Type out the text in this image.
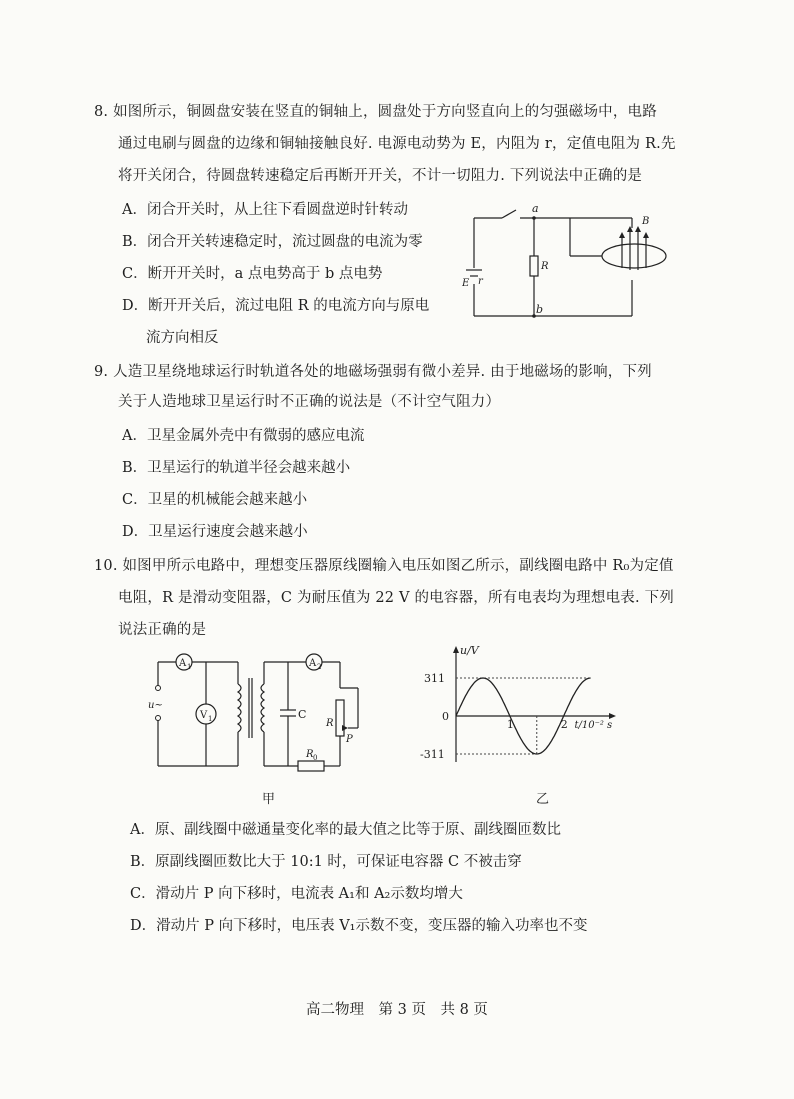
8. 如图所示，铜圆盘安装在竖直的铜轴上，圆盘处于方向竖直向上的匀强磁场中，电路
通过电刷与圆盘的边缘和铜轴接触良好. 电源电动势为 E，内阻为 r，定值电阻为 R.先
将开关闭合，待圆盘转速稳定后再断开开关，不计一切阻力. 下列说法中正确的是
A．闭合开关时，从上往下看圆盘逆时针转动
B．闭合开关转速稳定时，流过圆盘的电流为零
C．断开开关时，a 点电势高于 b 点电势
D．断开开关后，流过电阻 R 的电流方向与原电
流方向相反
a
b
R
E r
B
9. 人造卫星绕地球运行时轨道各处的地磁场强弱有微小差异. 由于地磁场的影响，下列
关于人造地球卫星运行时不正确的说法是（不计空气阻力）
A．卫星金属外壳中有微弱的感应电流
B．卫星运行的轨道半径会越来越小
C．卫星的机械能会越来越小
D．卫星运行速度会越来越小
10. 如图甲所示电路中，理想变压器原线圈输入电压如图乙所示，副线圈电路中 R₀为定值
电阻，R 是滑动变阻器，C 为耐压值为 22 V 的电容器，所有电表均为理想电表. 下列
说法正确的是
A 1	A 2
V 1
u~
C
R
P
R 0
u/V
311
0
-311
1	2 t/10⁻² s
甲	乙
A．原、副线圈中磁通量变化率的最大值之比等于原、副线圈匝数比
B．原副线圈匝数比大于 10:1 时，可保证电容器 C 不被击穿
C．滑动片 P 向下移时，电流表 A₁和 A₂示数均增大
D．滑动片 P 向下移时，电压表 V₁示数不变，变压器的输入功率也不变
高二物理　第 3 页　共 8 页
